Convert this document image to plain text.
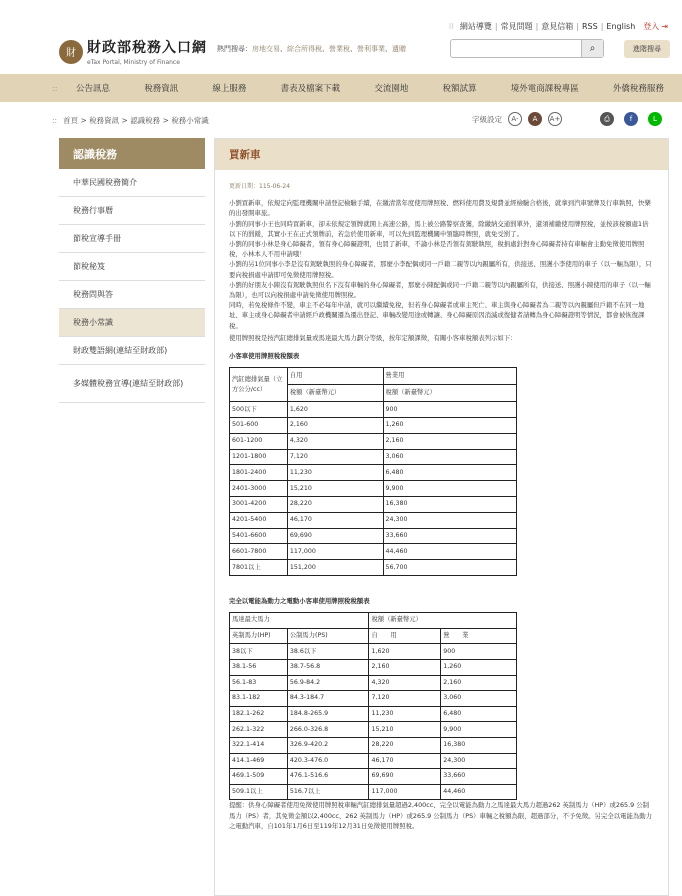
⁝⁝ 網站導覽 | 常見問題 | 意見信箱 | RSS | English 登入 ⇥
財 財政部稅務入口網
eTax Portal, Ministry of Finance
熱門搜尋：房地交易、綜合所得稅、營業稅、營利事業、遺贈	⌕	進階搜尋
::	公告訊息	稅務資訊	線上服務	書表及檔案下載	交流園地	稅額試算	境外電商課稅專區	外僑稅務服務
:: 首頁 > 稅務資訊 > 認識稅務 > 稅務小常識	字級設定	A-	A	A+	⎙	f	L
認識稅務
中華民國稅務簡介
稅務行事曆
節稅宣導手冊
節稅秘笈
稅務問與答
稅務小常識
財政雙語網(連結至財政部)
多媒體稅務宣導(連結至財政部)
買新車
更新日期：115-06-24

小劉買新車，依規定向監理機關申請登記檢驗手續，在繳清當年度使用牌照稅、燃料使用費及規費並經檢驗合格後，就拿到汽車號牌及行車執照，快樂的出發開車旅。

小劉的同事小王也同時買新車，卻未依規定領牌就開上高速公路，馬上被公路警察查獲，除繳納交通罰單外，還須補繳使用牌照稅，並按該稅額處1倍以下的罰鍰，其實小王在正式領牌前，若急於使用新車，可以先到監理機關申領臨時牌照，就免受罰了。

小劉的同事小林是身心障礙者，領有身心障礙證明，也買了新車，不論小林是否領有駕駛執照，稅捐處針對身心障礙者持有車輛會主動免徵使用牌照稅，小林本人不用申請哦！

小劉的另1位同事小李是沒有駕駛執照的身心障礙者，那麼小李配偶或同一戶籍二親等以內親屬所有，供接送、照護小李使用的車子（以一輛為限），只要向稅捐處申請即可免徵使用牌照稅。

小劉的好朋友小陳沒有駕駛執照但名下沒有車輛的身心障礙者，那麼小陳配偶或同一戶籍二親等以內親屬所有，供接送、照護小陳使用的車子（以一輛為限），也可以向稅捐處申請免徵使用牌照稅。

同時，若免稅條件不變，車主不必每年申請，就可以繼續免稅，但若身心障礙者或車主死亡、車主與身心障礙者為二親等以內親屬但戶籍不在同一地址、車主或身心障礙者申請經戶政機關遷為遷出登記、車輛改變用途或轉讓、身心障礙原因消滅或復健者請轉為身心障礙證明等情況，都會被恢復課稅。

使用牌照稅是按汽缸總排氣量或馬達最大馬力劃分等級，按年定額課徵，有關小客車稅額表列示如下：

小客車使用牌照稅稅額表
汽缸總排氣量（立方公分/cc）	自用	營業用
	稅額（新臺幣元）	稅額（新臺幣元）
500以下	1,620	900
501-600	2,160	1,260
601-1200	4,320	2,160
1201-1800	7,120	3,060
1801-2400	11,230	6,480
2401-3000	15,210	9,900
3001-4200	28,220	16,380
4201-5400	46,170	24,300
5401-6600	69,690	33,660
6601-7800	117,000	44,460
7801以上	151,200	56,700
完全以電能為動力之電動小客車使用牌照稅稅額表
馬達最大馬力		稅額（新臺幣元）	
英制馬力(HP)	公制馬力(PS)	自　　用	營　　業
38以下	38.6以下	1,620	900
38.1-56	38.7-56.8	2,160	1,260
56.1-83	56.9-84.2	4,320	2,160
83.1-182	84.3-184.7	7,120	3,060
182.1-262	184.8-265.9	11,230	6,480
262.1-322	266.0-326.8	15,210	9,900
322.1-414	326.9-420.2	28,220	16,380
414.1-469	420.3-476.0	46,170	24,300
469.1-509	476.1-516.6	69,690	33,660
509.1以上	516.7以上	117,000	44,460

提醒：供身心障礙者使用免徵使用牌照稅車輛汽缸總排氣量超過2,400cc、完全以電能為動力之馬達最大馬力超過262 英制馬力（HP）或265.9 公制馬力（PS）者，其免徵金額以2,400cc、262 英制馬力（HP）或265.9 公制馬力（PS）車輛之稅額為限，超過部分，不予免徵。另完全以電能為動力之電動汽車，自101年1月6日至119年12月31日免徵使用牌照稅。
